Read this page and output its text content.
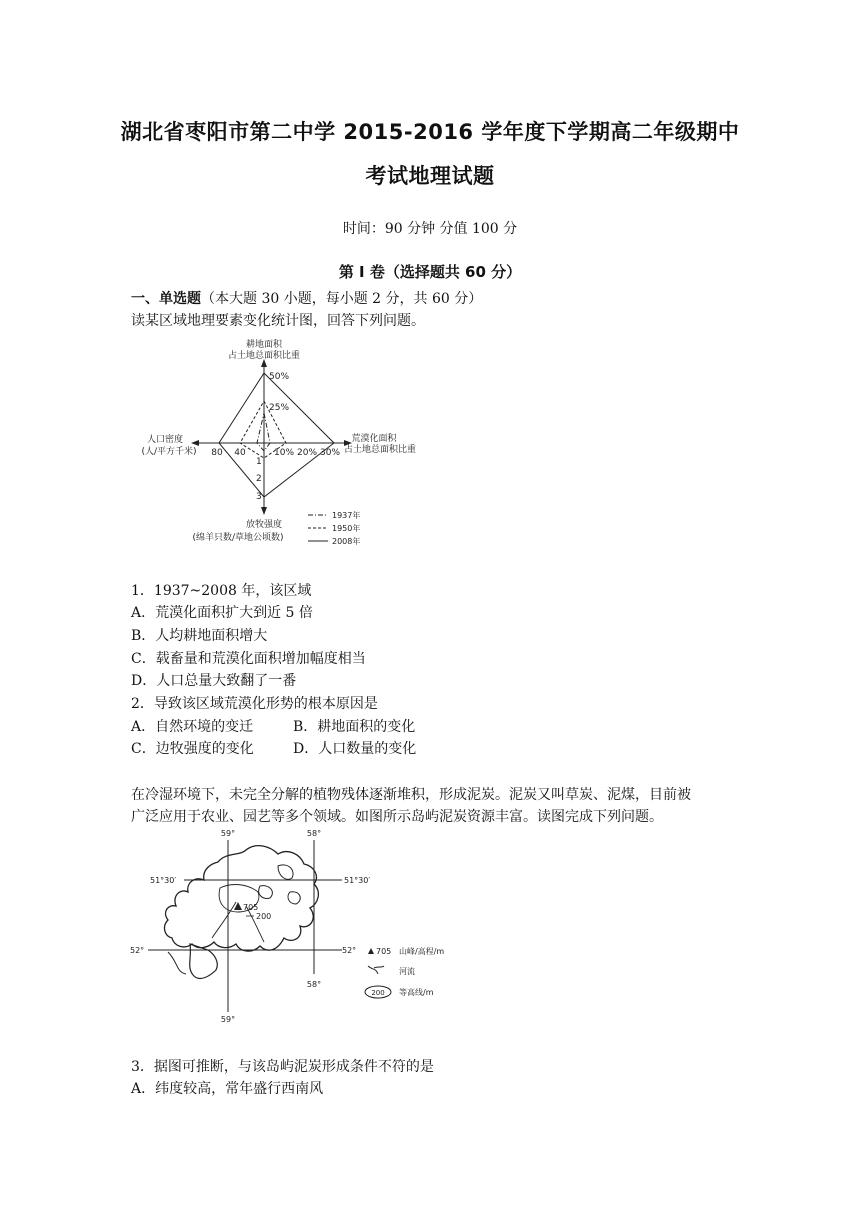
湖北省枣阳市第二中学 2015-2016 学年度下学期高二年级期中
考试地理试题
时间：90 分钟 分值 100 分
第 I 卷（选择题共 60 分）
一、单选题（本大题 30 小题，每小题 2 分，共 60 分）
读某区域地理要素变化统计图，回答下列问题。
耕地面积
占土地总面积比重
50%
25%
荒漠化面积
占土地总面积比重
10% 20% 30%
人口密度
(人/平方千米) 80 40
1
2
3
放牧强度
(绵羊只数/草地公顷数)
1937年
1950年
2008年
1．1937~2008 年，该区域
A．荒漠化面积扩大到近 5 倍
B．人均耕地面积增大
C．载畜量和荒漠化面积增加幅度相当
D．人口总量大致翻了一番
2．导致该区域荒漠化形势的根本原因是
A．自然环境的变迁	B．耕地面积的变化
C．边牧强度的变化	D．人口数量的变化
在冷湿环境下，未完全分解的植物残体逐渐堆积，形成泥炭。泥炭又叫草炭、泥煤，目前被
广泛应用于农业、园艺等多个领域。如图所示岛屿泥炭资源丰富。读图完成下列问题。
705
200
59°	58°
51°30′	51°30′
52°	52°
58°
59°
705 山峰/高程/m
河流
200 等高线/m
3．据图可推断，与该岛屿泥炭形成条件不符的是
A．纬度较高，常年盛行西南风
